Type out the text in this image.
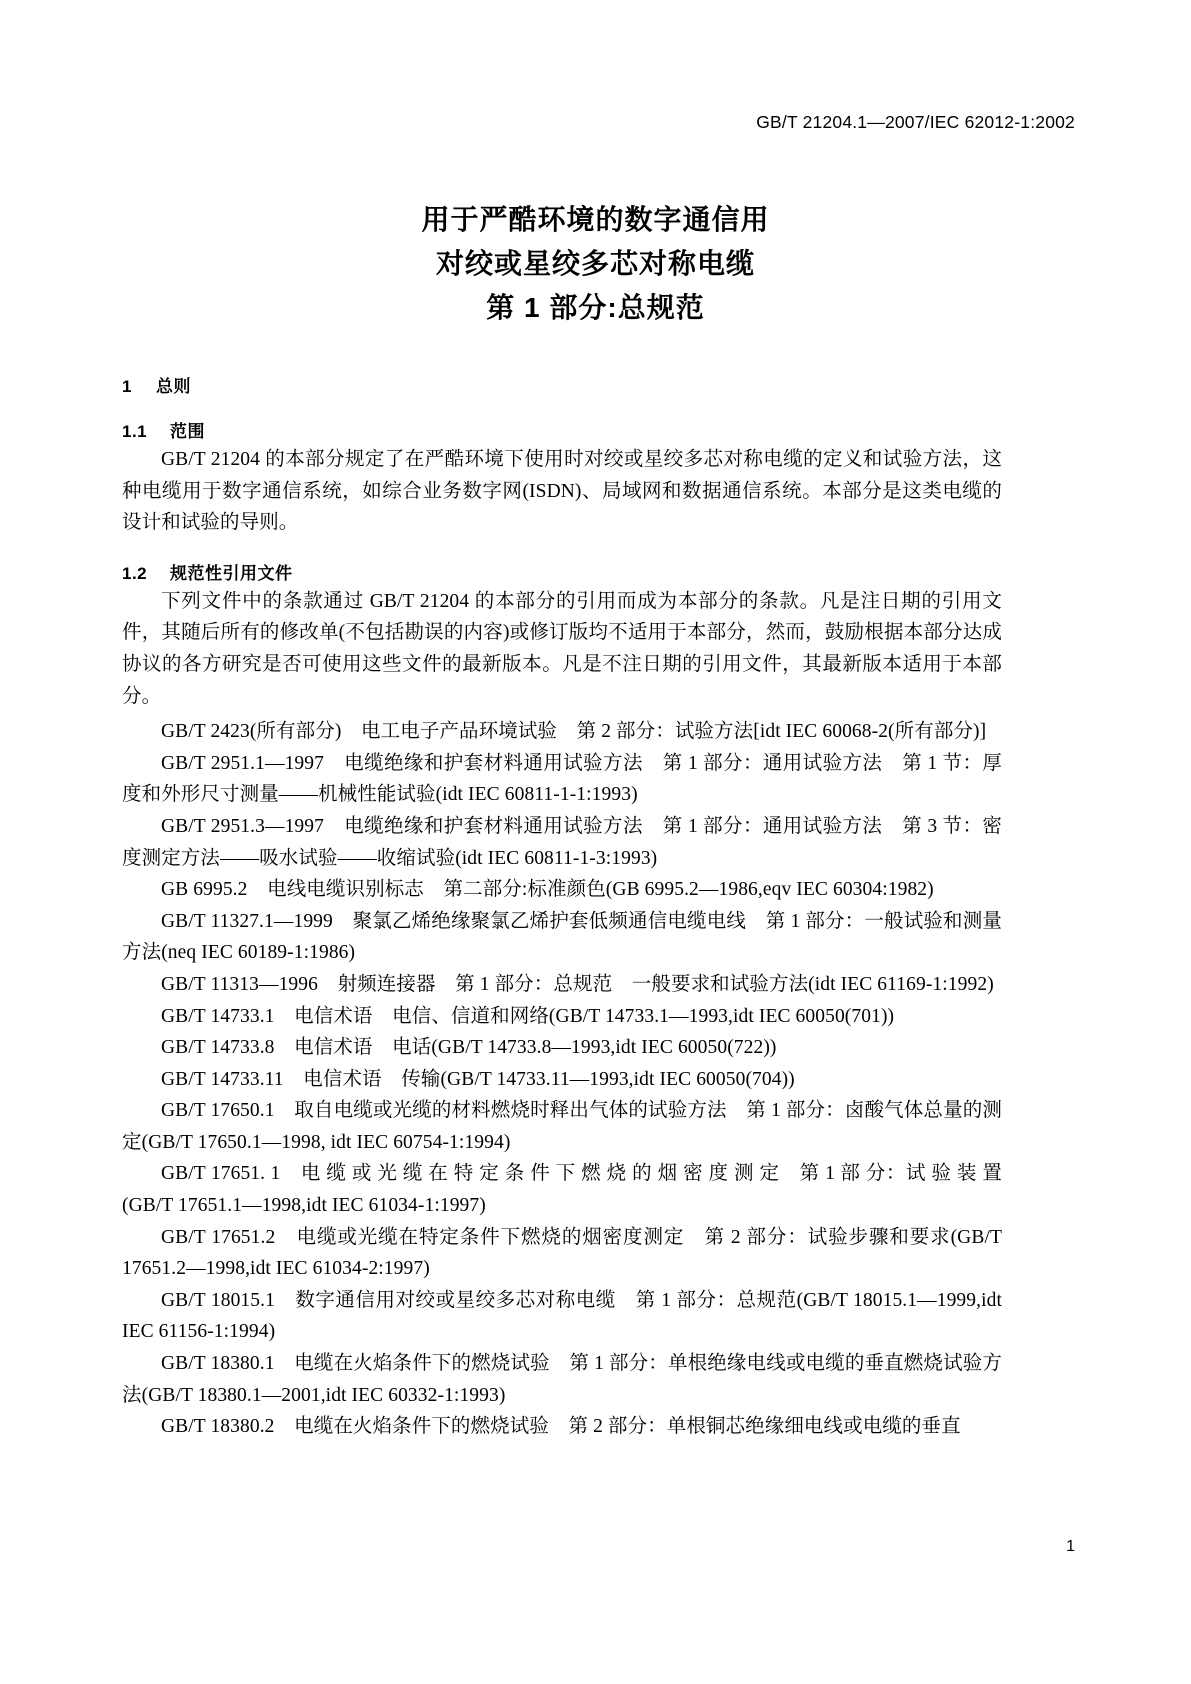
GB/T 21204.1—2007/IEC 62012-1:2002
用于严酷环境的数字通信用
对绞或星绞多芯对称电缆
第 1 部分:总规范
1 总则
1.1 范围

GB/T 21204 的本部分规定了在严酷环境下使用时对绞或星绞多芯对称电缆的定义和试验方法，这种电缆用于数字通信系统，如综合业务数字网(ISDN)、局域网和数据通信系统。本部分是这类电缆的设计和试验的导则。

1.2 规范性引用文件

下列文件中的条款通过 GB/T 21204 的本部分的引用而成为本部分的条款。凡是注日期的引用文件，其随后所有的修改单(不包括勘误的内容)或修订版均不适用于本部分，然而，鼓励根据本部分达成协议的各方研究是否可使用这些文件的最新版本。凡是不注日期的引用文件，其最新版本适用于本部分。

GB/T 2423(所有部分)　电工电子产品环境试验　第 2 部分：试验方法[idt IEC 60068-2(所有部分)]

GB/T 2951.1—1997　电缆绝缘和护套材料通用试验方法　第 1 部分：通用试验方法　第 1 节：厚度和外形尺寸测量——机械性能试验(idt IEC 60811-1-1:1993)

GB/T 2951.3—1997　电缆绝缘和护套材料通用试验方法　第 1 部分：通用试验方法　第 3 节：密度测定方法——吸水试验——收缩试验(idt IEC 60811-1-3:1993)

GB 6995.2　电线电缆识别标志　第二部分:标准颜色(GB 6995.2—1986,eqv IEC 60304:1982)

GB/T 11327.1—1999　聚氯乙烯绝缘聚氯乙烯护套低频通信电缆电线　第 1 部分：一般试验和测量方法(neq IEC 60189-1:1986)

GB/T 11313—1996　射频连接器　第 1 部分：总规范　一般要求和试验方法(idt IEC 61169-1:1992)

GB/T 14733.1　电信术语　电信、信道和网络(GB/T 14733.1—1993,idt IEC 60050(701))

GB/T 14733.8　电信术语　电话(GB/T 14733.8—1993,idt IEC 60050(722))

GB/T 14733.11　电信术语　传输(GB/T 14733.11—1993,idt IEC 60050(704))

GB/T 17650.1　取自电缆或光缆的材料燃烧时释出气体的试验方法　第 1 部分：卤酸气体总量的测定(GB/T 17650.1—1998, idt IEC 60754-1:1994)

GB/T 17651. 1　电 缆 或 光 缆 在 特 定 条 件 下 燃 烧 的 烟 密 度 测 定　第 1 部 分：试 验 装 置(GB/T 17651.1—1998,idt IEC 61034-1:1997)

GB/T 17651.2　电缆或光缆在特定条件下燃烧的烟密度测定　第 2 部分：试验步骤和要求(GB/T 17651.2—1998,idt IEC 61034-2:1997)

GB/T 18015.1　数字通信用对绞或星绞多芯对称电缆　第 1 部分：总规范(GB/T 18015.1—1999,idt IEC 61156-1:1994)

GB/T 18380.1　电缆在火焰条件下的燃烧试验　第 1 部分：单根绝缘电线或电缆的垂直燃烧试验方法(GB/T 18380.1—2001,idt IEC 60332-1:1993)

GB/T 18380.2　电缆在火焰条件下的燃烧试验　第 2 部分：单根铜芯绝缘细电线或电缆的垂直

1
